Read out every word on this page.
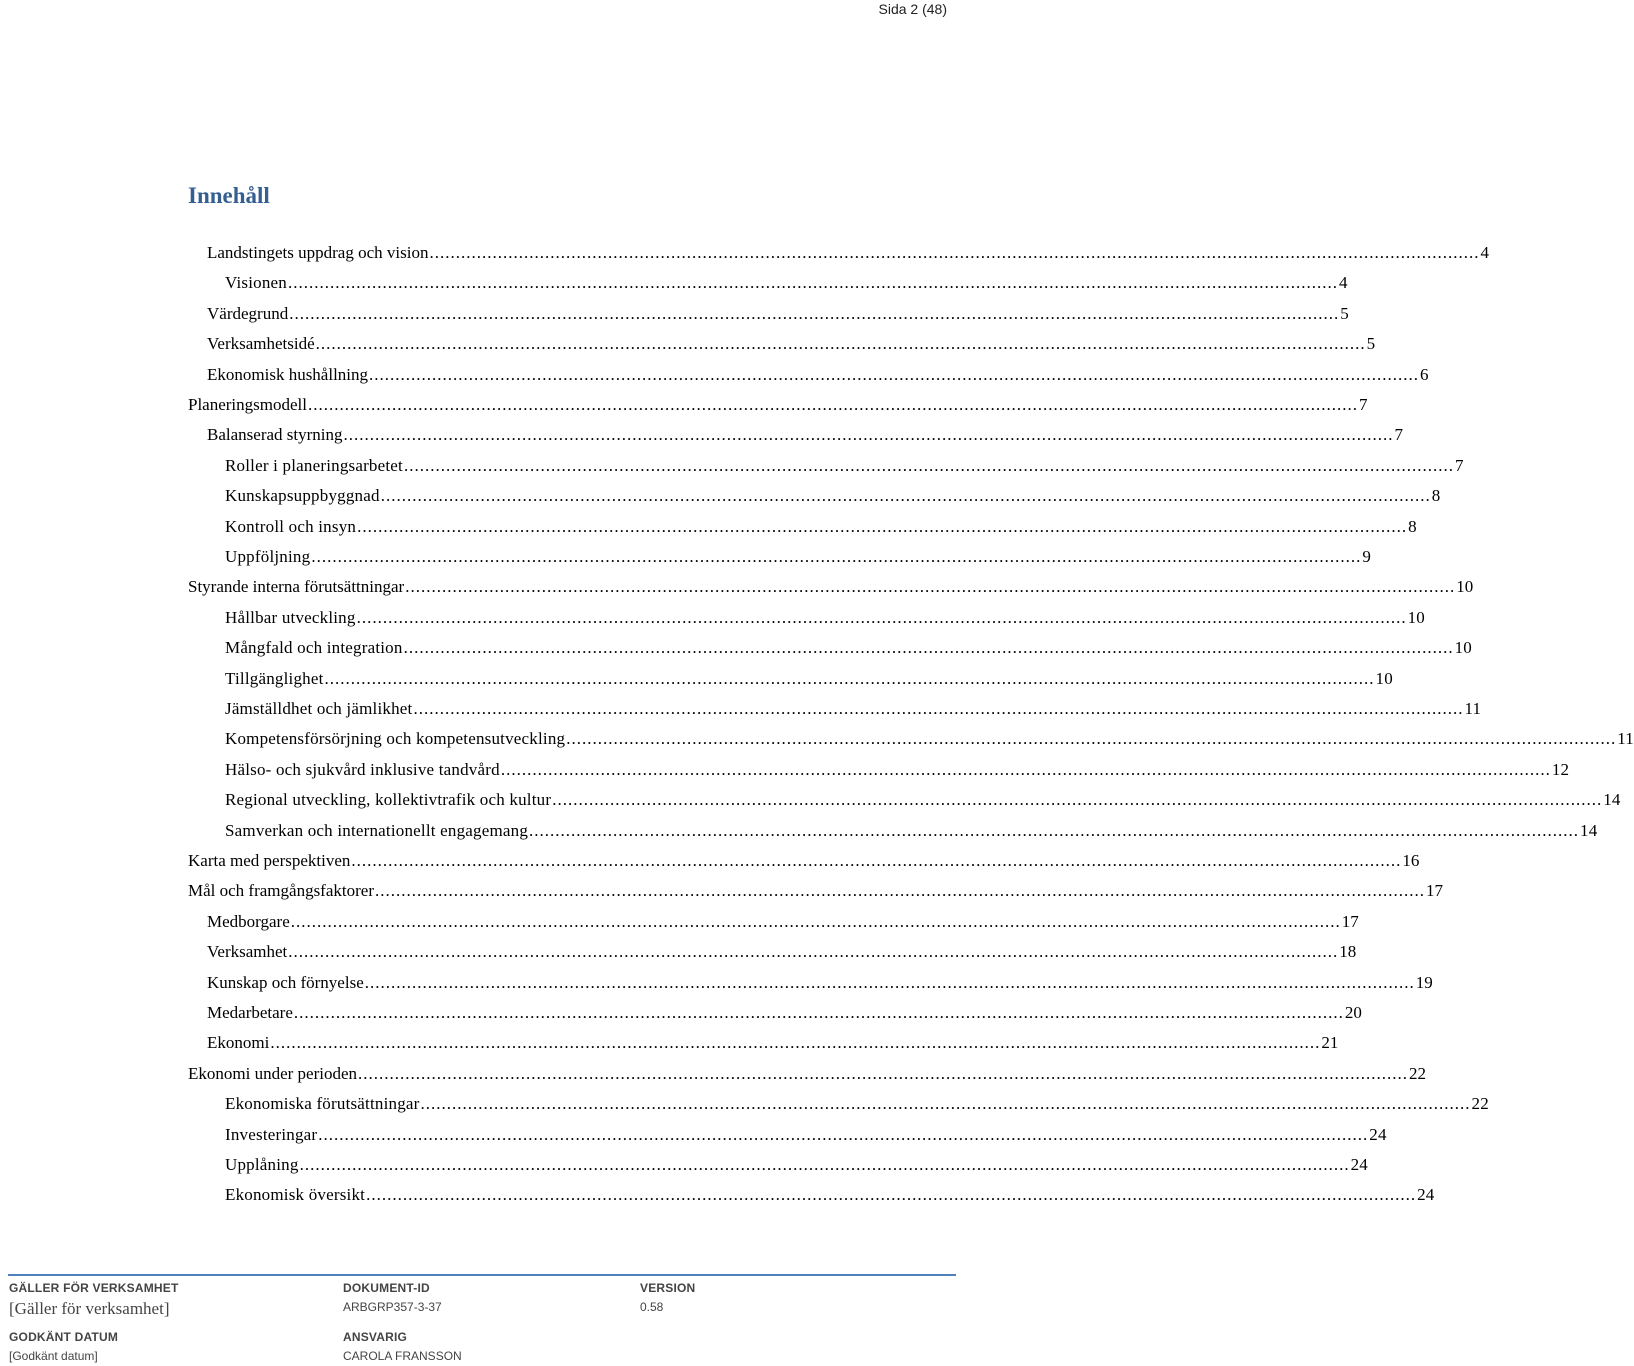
Sida 2 (48)
Innehåll
Landstingets uppdrag och vision ........................................................................................................................................................................................................ 4
Visionen ........................................................................................................................................................................................................ 4
Värdegrund ........................................................................................................................................................................................................ 5
Verksamhetsidé ........................................................................................................................................................................................................ 5
Ekonomisk hushållning ........................................................................................................................................................................................................ 6
Planeringsmodell ........................................................................................................................................................................................................ 7
Balanserad styrning ........................................................................................................................................................................................................ 7
Roller i planeringsarbetet ........................................................................................................................................................................................................ 7
Kunskapsuppbyggnad ........................................................................................................................................................................................................ 8
Kontroll och insyn ........................................................................................................................................................................................................ 8
Uppföljning ........................................................................................................................................................................................................ 9
Styrande interna förutsättningar ........................................................................................................................................................................................................ 10
Hållbar utveckling ........................................................................................................................................................................................................ 10
Mångfald och integration ........................................................................................................................................................................................................ 10
Tillgänglighet ........................................................................................................................................................................................................ 10
Jämställdhet och jämlikhet ........................................................................................................................................................................................................ 11
Kompetensförsörjning och kompetensutveckling ........................................................................................................................................................................................................ 11
Hälso- och sjukvård inklusive tandvård ........................................................................................................................................................................................................ 12
Regional utveckling, kollektivtrafik och kultur ........................................................................................................................................................................................................ 14
Samverkan och internationellt engagemang ........................................................................................................................................................................................................ 14
Karta med perspektiven ........................................................................................................................................................................................................ 16
Mål och framgångsfaktorer ........................................................................................................................................................................................................ 17
Medborgare ........................................................................................................................................................................................................ 17
Verksamhet ........................................................................................................................................................................................................ 18
Kunskap och förnyelse ........................................................................................................................................................................................................ 19
Medarbetare ........................................................................................................................................................................................................ 20
Ekonomi ........................................................................................................................................................................................................ 21
Ekonomi under perioden ........................................................................................................................................................................................................ 22
Ekonomiska förutsättningar ........................................................................................................................................................................................................ 22
Investeringar ........................................................................................................................................................................................................ 24
Upplåning ........................................................................................................................................................................................................ 24
Ekonomisk översikt ........................................................................................................................................................................................................ 24
GÄLLER FÖR VERKSAMHET
[Gäller för verksamhet]
DOKUMENT-ID
ARBGRP357-3-37
VERSION
0.58
GODKÄNT DATUM
[Godkänt datum]
ANSVARIG
CAROLA FRANSSON
